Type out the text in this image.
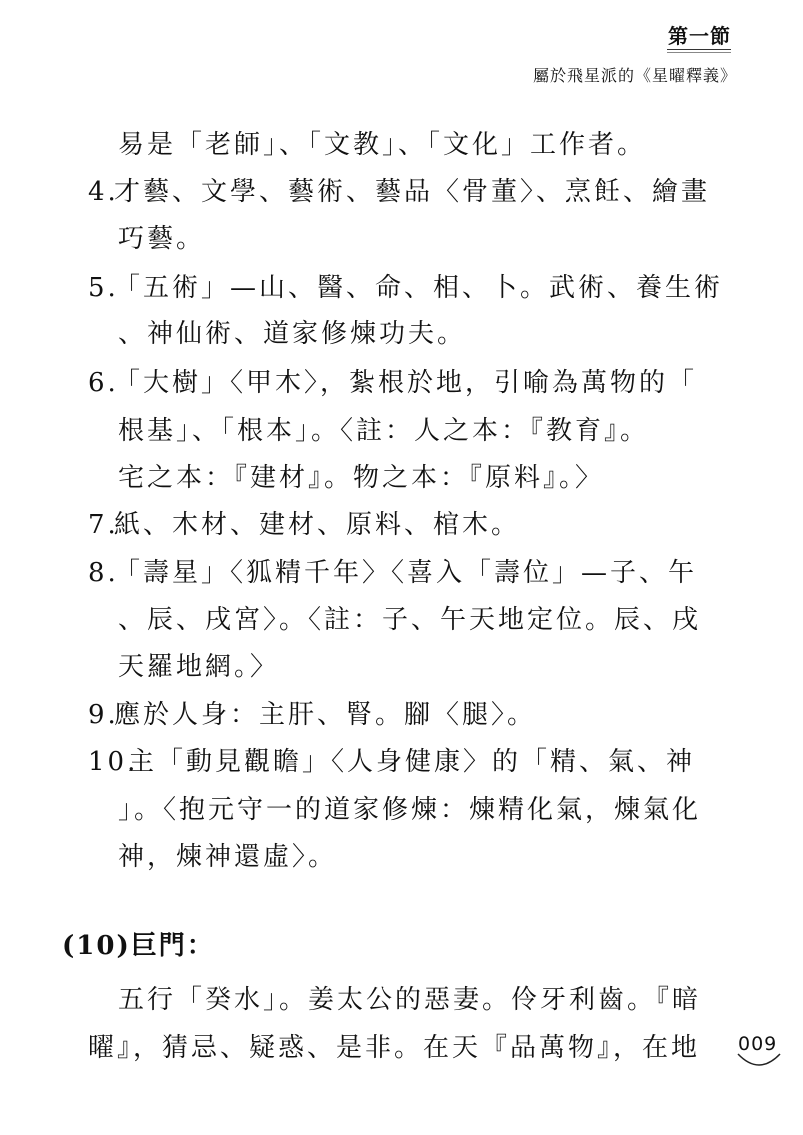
第一節
屬於飛星派的《星曜釋義》
易是「老師」、「文教」、「文化」工作者。
4.才藝、文學、藝術、藝品〈骨董〉、烹飪、繪畫
巧藝。
5.「五術」—山、醫、命、相、卜。武術、養生術
、神仙術、道家修煉功夫。
6.「大樹」〈甲木〉，紮根於地，引喻為萬物的「
根基」、「根本」。〈註：人之本：『教育』。
宅之本：『建材』。物之本：『原料』。〉
7.紙、木材、建材、原料、棺木。
8.「壽星」〈狐精千年〉〈喜入「壽位」—子、午
、辰、戌宮〉。〈註：子、午天地定位。辰、戌
天羅地網。〉
9.應於人身：主肝、腎。腳〈腿〉。
10.主「動見觀瞻」〈人身健康〉的「精、氣、神
」。〈抱元守一的道家修煉：煉精化氣，煉氣化
神，煉神還虛〉。
(10)巨門：
五行「癸水」。姜太公的惡妻。伶牙利齒。『暗
曜』，猜忌、疑惑、是非。在天『品萬物』，在地 009
